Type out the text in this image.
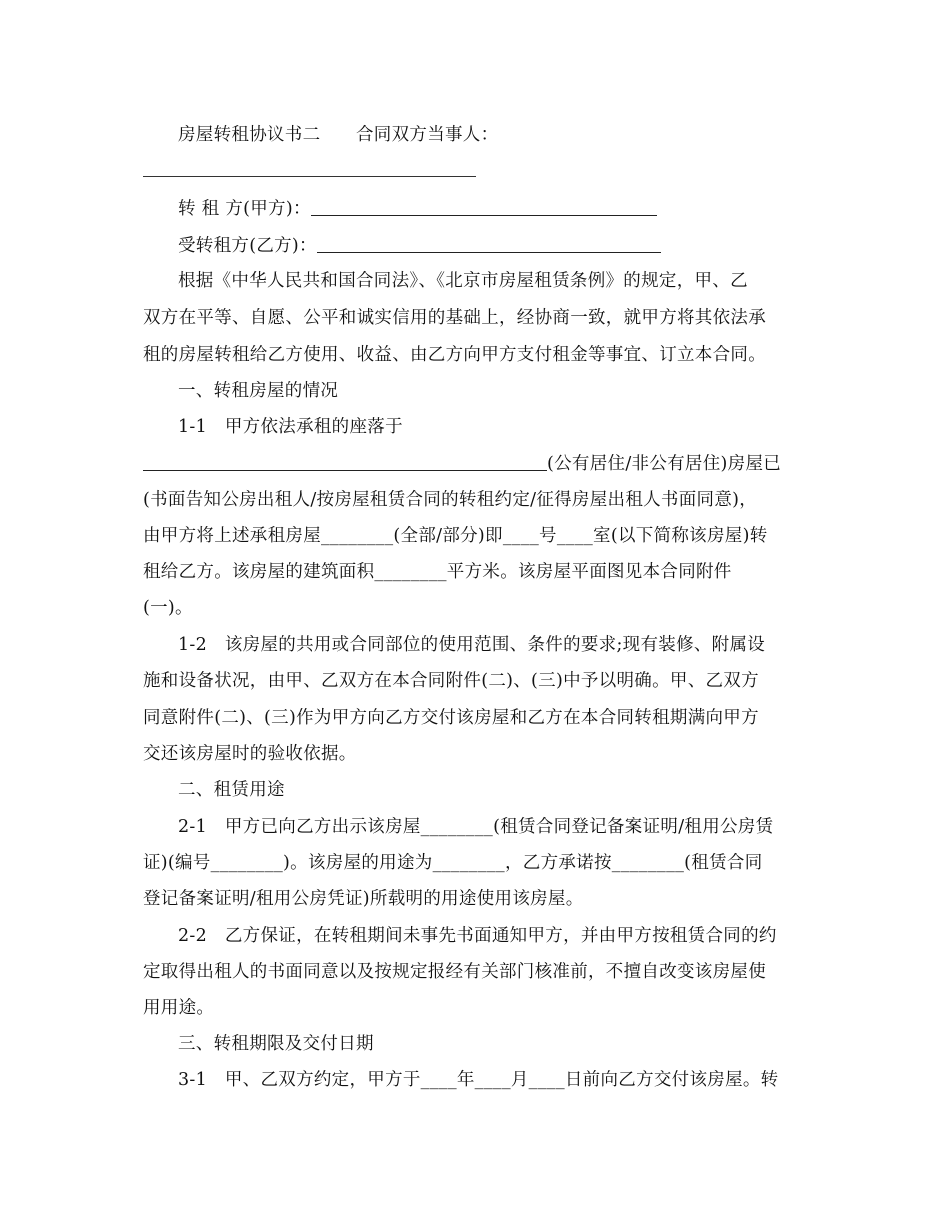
房屋转租协议书二　　合同双方当事人：
转 租 方(甲方)：
受转租方(乙方)：
根据《中华人民共和国合同法》、《北京市房屋租赁条例》的规定，甲、乙
双方在平等、自愿、公平和诚实信用的基础上，经协商一致，就甲方将其依法承
租的房屋转租给乙方使用、收益、由乙方向甲方支付租金等事宜、订立本合同。
一、转租房屋的情况
1-1　甲方依法承租的座落于
(公有居住/非公有居住)房屋已
(书面告知公房出租人/按房屋租赁合同的转租约定/征得房屋出租人书面同意)，
由甲方将上述承租房屋________(全部/部分)即____号____室(以下简称该房屋)转
租给乙方。该房屋的建筑面积________平方米。该房屋平面图见本合同附件
(一)。
1-2　该房屋的共用或合同部位的使用范围、条件的要求;现有装修、附属设
施和设备状况，由甲、乙双方在本合同附件(二)、(三)中予以明确。甲、乙双方
同意附件(二)、(三)作为甲方向乙方交付该房屋和乙方在本合同转租期满向甲方
交还该房屋时的验收依据。
二、租赁用途
2-1　甲方已向乙方出示该房屋________(租赁合同登记备案证明/租用公房赁
证)(编号________)。该房屋的用途为________，乙方承诺按________(租赁合同
登记备案证明/租用公房凭证)所载明的用途使用该房屋。
2-2　乙方保证，在转租期间未事先书面通知甲方，并由甲方按租赁合同的约
定取得出租人的书面同意以及按规定报经有关部门核准前，不擅自改变该房屋使
用用途。
三、转租期限及交付日期
3-1　甲、乙双方约定，甲方于____年____月____日前向乙方交付该房屋。转
